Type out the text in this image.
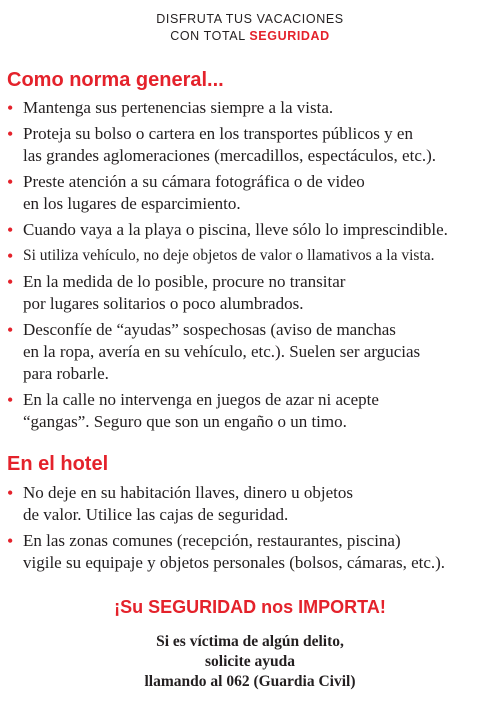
DISFRUTA TUS VACACIONES
CON TOTAL SEGURIDAD
Como norma general...
• Mantenga sus pertenencias siempre a la vista.
• Proteja su bolso o cartera en los transportes públicos y en
las grandes aglomeraciones (mercadillos, espectáculos, etc.).
• Preste atención a su cámara fotográfica o de video
en los lugares de esparcimiento.
• Cuando vaya a la playa o piscina, lleve sólo lo imprescindible.
• Si utiliza vehículo, no deje objetos de valor o llamativos a la vista.
• En la medida de lo posible, procure no transitar
por lugares solitarios o poco alumbrados.
• Desconfíe de “ayudas” sospechosas (aviso de manchas
en la ropa, avería en su vehículo, etc.). Suelen ser argucias
para robarle.
• En la calle no intervenga en juegos de azar ni acepte
“gangas”. Seguro que son un engaño o un timo.
En el hotel
• No deje en su habitación llaves, dinero u objetos
de valor. Utilice las cajas de seguridad.
• En las zonas comunes (recepción, restaurantes, piscina)
vigile su equipaje y objetos personales (bolsos, cámaras, etc.).
¡Su SEGURIDAD nos IMPORTA!
Si es víctima de algún delito,
solicite ayuda
llamando al 062 (Guardia Civil)
